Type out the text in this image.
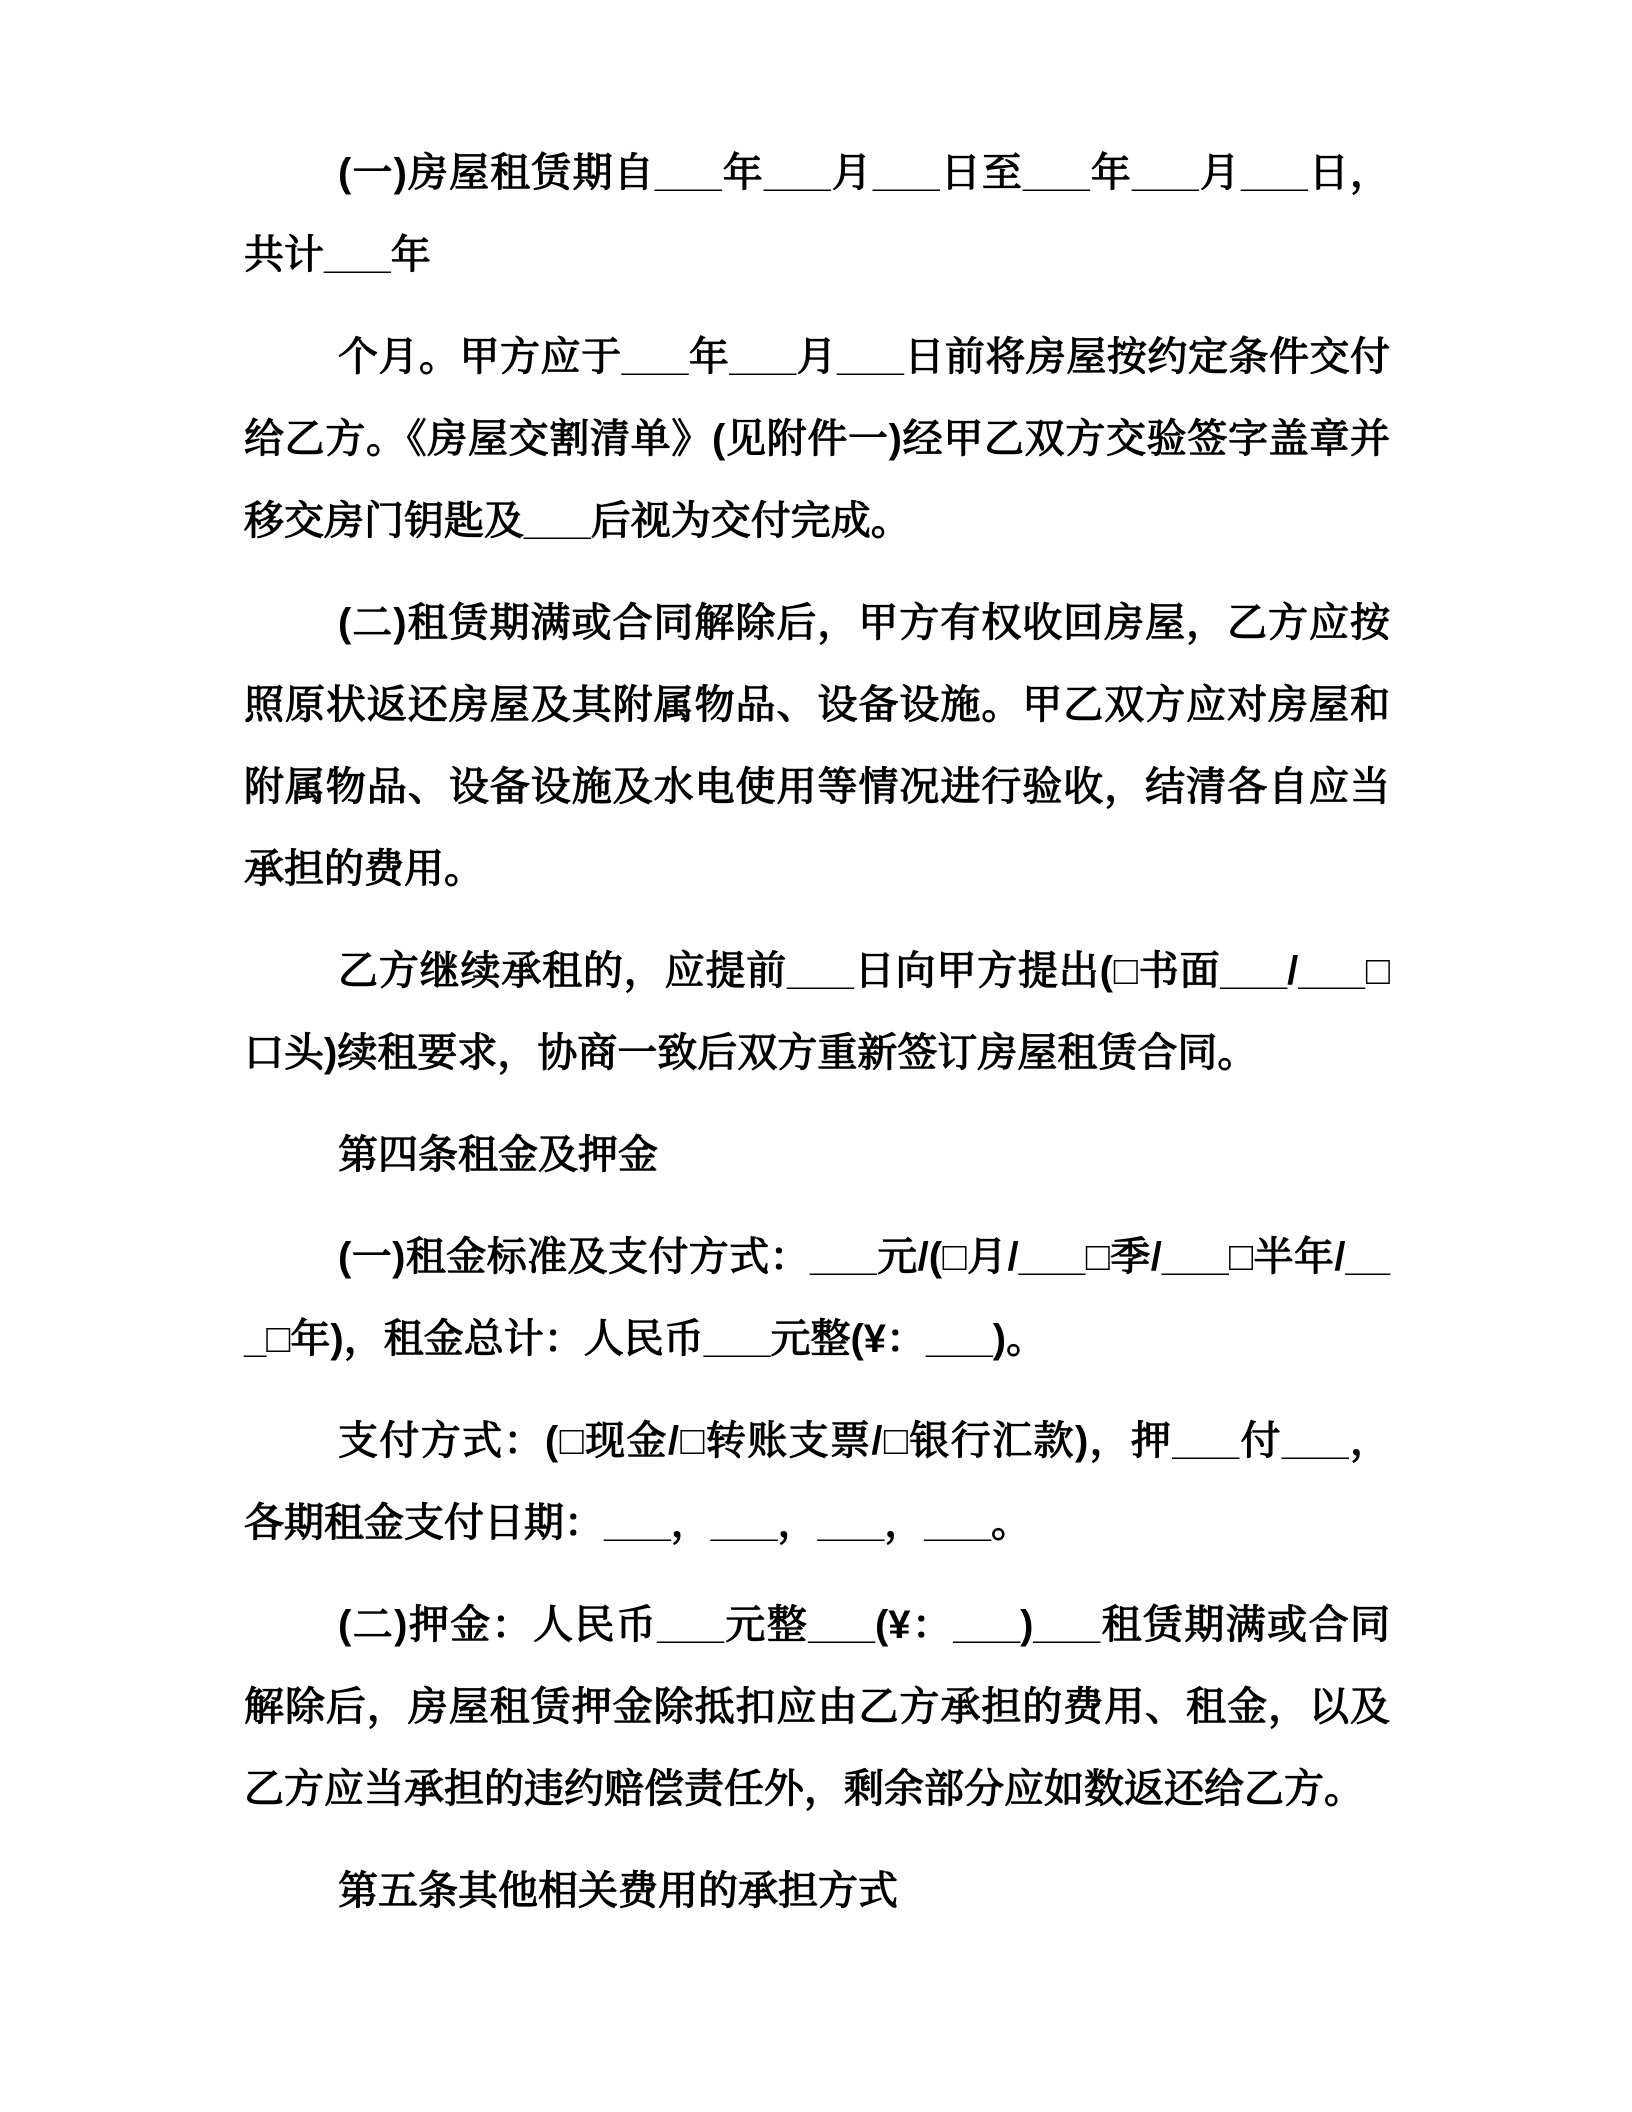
(一)房屋租赁期自___年___月___日至___年___月___日，共计___年

个月。甲方应于___年___月___日前将房屋按约定条件交付给乙方。《房屋交割清单》(见附件一)经甲乙双方交验签字盖章并移交房门钥匙及___后视为交付完成。

(二)租赁期满或合同解除后，甲方有权收回房屋，乙方应按照原状返还房屋及其附属物品、设备设施。甲乙双方应对房屋和附属物品、设备设施及水电使用等情况进行验收，结清各自应当承担的费用。

乙方继续承租的，应提前___日向甲方提出(□书面___/___□口头)续租要求，协商一致后双方重新签订房屋租赁合同。

第四条租金及押金

(一)租金标准及支付方式：___元/(□月/___□季/___□半年/___□年)，租金总计：人民币___元整(¥：___)。

支付方式：(□现金/□转账支票/□银行汇款)，押___付___，各期租金支付日期：___，___，___，___。

(二)押金：人民币___元整___(¥：___)___租赁期满或合同解除后，房屋租赁押金除抵扣应由乙方承担的费用、租金，以及乙方应当承担的违约赔偿责任外，剩余部分应如数返还给乙方。

第五条其他相关费用的承担方式
